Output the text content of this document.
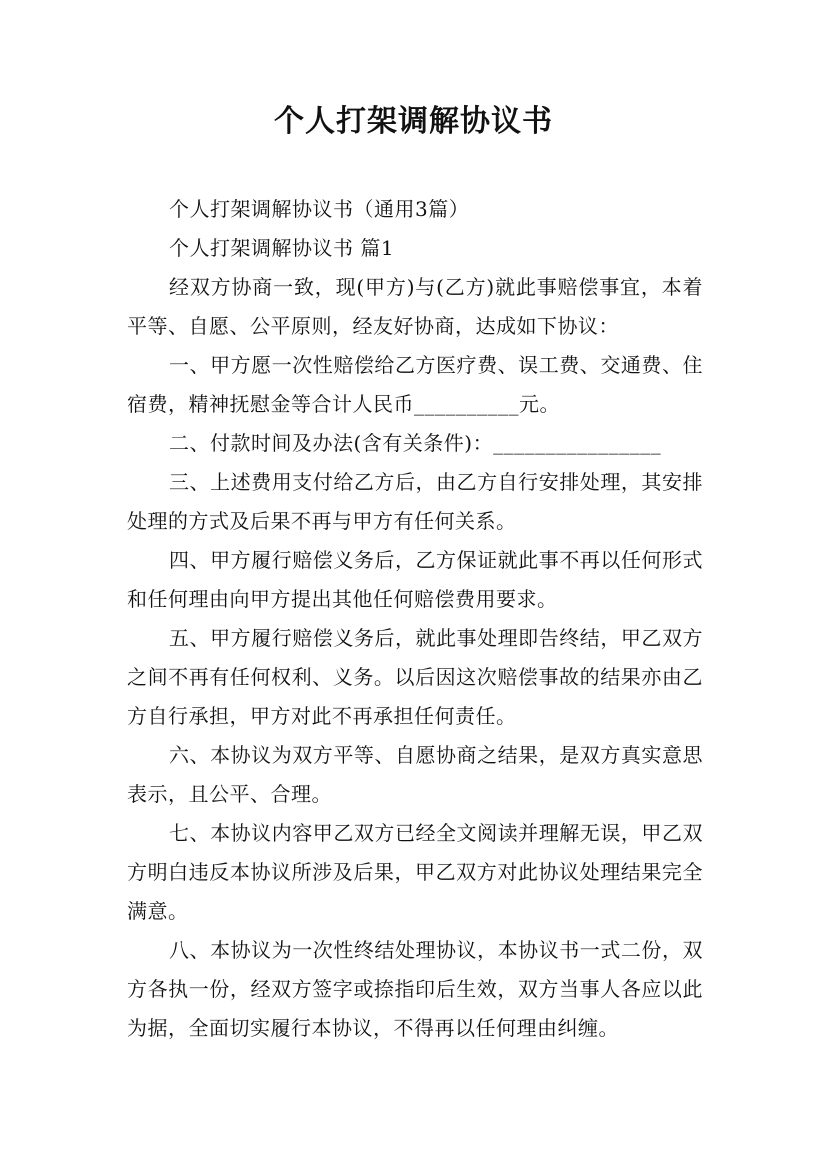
个人打架调解协议书

个人打架调解协议书（通用3篇）

个人打架调解协议书 篇1

经双方协商一致，现(甲方)与(乙方)就此事赔偿事宜，本着平等、自愿、公平原则，经友好协商，达成如下协议：

一、甲方愿一次性赔偿给乙方医疗费、误工费、交通费、住宿费，精神抚慰金等合计人民币__________元。

二、付款时间及办法(含有关条件)：________________

三、上述费用支付给乙方后，由乙方自行安排处理，其安排处理的方式及后果不再与甲方有任何关系。

四、甲方履行赔偿义务后，乙方保证就此事不再以任何形式和任何理由向甲方提出其他任何赔偿费用要求。

五、甲方履行赔偿义务后，就此事处理即告终结，甲乙双方之间不再有任何权利、义务。以后因这次赔偿事故的结果亦由乙方自行承担，甲方对此不再承担任何责任。

六、本协议为双方平等、自愿协商之结果，是双方真实意思表示，且公平、合理。

七、本协议内容甲乙双方已经全文阅读并理解无误，甲乙双方明白违反本协议所涉及后果，甲乙双方对此协议处理结果完全满意。

八、本协议为一次性终结处理协议，本协议书一式二份，双方各执一份，经双方签字或捺指印后生效，双方当事人各应以此为据，全面切实履行本协议，不得再以任何理由纠缠。
